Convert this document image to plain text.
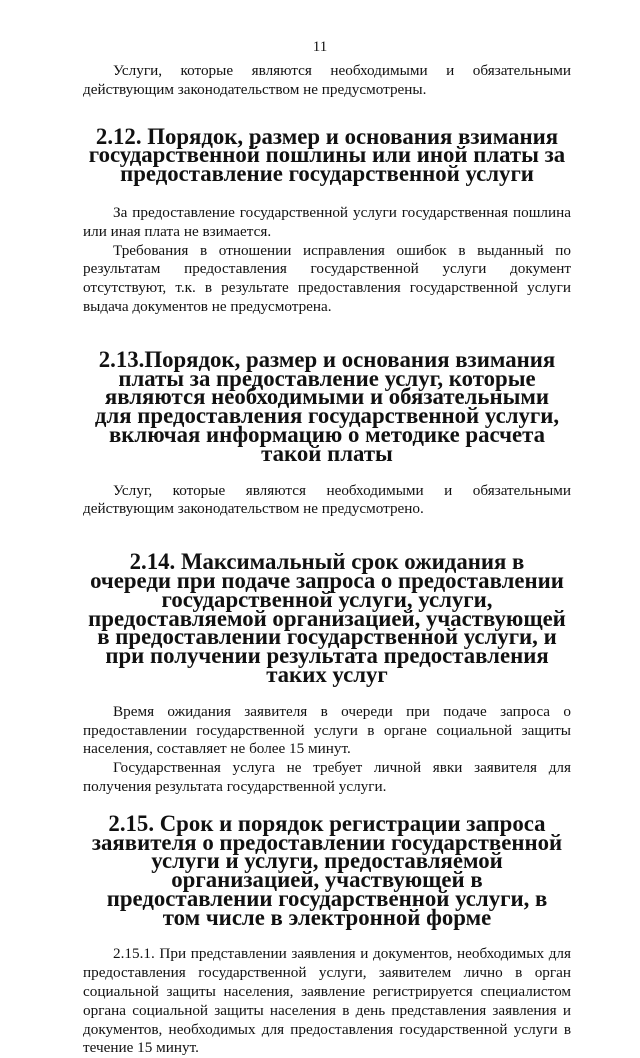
11

Услуги, которые являются необходимыми и обязательными действующим законодательством не предусмотрены.

2.12. Порядок, размер и основания взимания государственной пошлины или иной платы за предоставление государственной услуги

За предоставление государственной услуги государственная пошлина или иная плата не взимается.

Требования в отношении исправления ошибок в выданный по результатам предоставления государственной услуги документ отсутствуют, т.к. в результате предоставления государственной услуги выдача документов не предусмотрена.

2.13.Порядок, размер и основания взимания платы за предоставление услуг, которые являются необходимыми и обязательными для предоставления государственной услуги, включая информацию о методике расчета такой платы

Услуг, которые являются необходимыми и обязательными действующим законодательством не предусмотрено.

2.14. Максимальный срок ожидания в очереди при подаче запроса о предоставлении государственной услуги, услуги, предоставляемой организацией, участвующей в предоставлении государственной услуги, и при получении результата предоставления таких услуг

Время ожидания заявителя в очереди при подаче запроса о предоставлении государственной услуги в органе социальной защиты населения, составляет не более 15 минут.

Государственная услуга не требует личной явки заявителя для получения результата государственной услуги.

2.15. Срок и порядок регистрации запроса заявителя о предоставлении государственной услуги и услуги, предоставляемой организацией, участвующей в предоставлении государственной услуги, в том числе в электронной форме

2.15.1. При представлении заявления и документов, необходимых для предоставления государственной услуги, заявителем лично в орган социальной защиты населения, заявление регистрируется специалистом органа социальной защиты населения в день представления заявления и документов, необходимых для предоставления государственной услуги в течение 15 минут.
